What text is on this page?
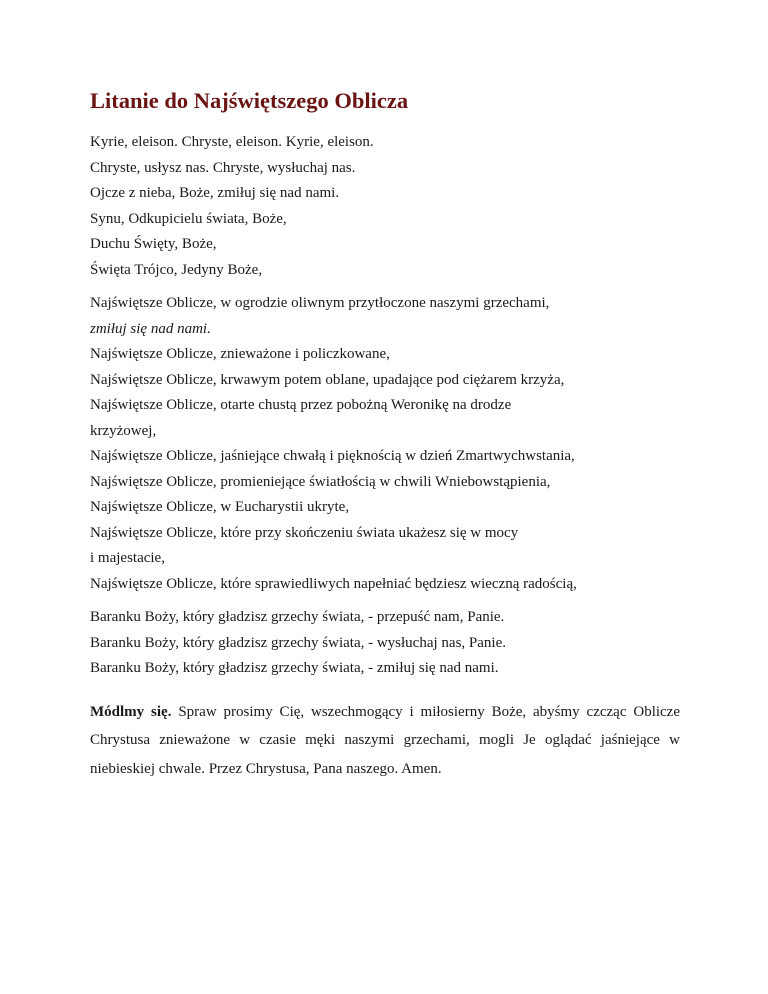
Litanie do Najświętszego Oblicza
Kyrie, eleison. Chryste, eleison. Kyrie, eleison.
Chryste, usłysz nas. Chryste, wysłuchaj nas.
Ojcze z nieba, Boże, zmiłuj się nad nami.
Synu, Odkupicielu świata, Boże,
Duchu Święty, Boże,
Święta Trójco, Jedyny Boże,
Najświętsze Oblicze, w ogrodzie oliwnym przytłoczone naszymi grzechami,
zmiłuj się nad nami.
Najświętsze Oblicze, znieważone i policzkowane,
Najświętsze Oblicze, krwawym potem oblane, upadające pod ciężarem krzyża,
Najświętsze Oblicze, otarte chustą przez pobożną Weronikę na drodze
krzyżowej,
Najświętsze Oblicze, jaśniejące chwałą i pięknością w dzień Zmartwychwstania,
Najświętsze Oblicze, promieniejące światłością w chwili Wniebowstąpienia,
Najświętsze Oblicze, w Eucharystii ukryte,
Najświętsze Oblicze, które przy skończeniu świata ukażesz się w mocy
i majestacie,
Najświętsze Oblicze, które sprawiedliwych napełniać będziesz wieczną radością,
Baranku Boży, który gładzisz grzechy świata, - przepuść nam, Panie.
Baranku Boży, który gładzisz grzechy świata, - wysłuchaj nas, Panie.
Baranku Boży, który gładzisz grzechy świata, - zmiłuj się nad nami.

Módlmy się. Spraw prosimy Cię, wszechmogący i miłosierny Boże, abyśmy czcząc Oblicze Chrystusa znieważone w czasie męki naszymi grzechami, mogli Je oglądać jaśniejące w niebieskiej chwale. Przez Chrystusa, Pana naszego. Amen.
